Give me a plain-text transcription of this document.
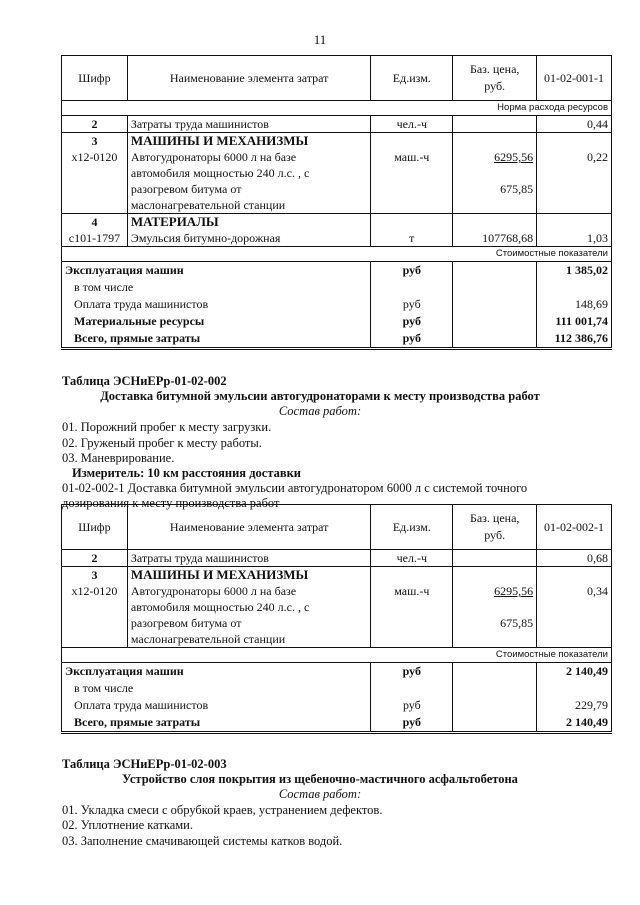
11
Шифр	Наименование элемента затрат	Ед.изм.	Баз. цена,
руб.	01-02-001-1
Норма расхода ресурсов				
2	Затраты труда машинистов	чел.-ч		0,44
3	МАШИНЫ И МЕХАНИЗМЫ			
x12-0120	Автогудронаторы 6000 л на базе	маш.-ч	6295,56	0,22
	автомобиля мощностью 240 л.с. , с			
	разогревом битума от		675,85	
	маслонагревательной станции			
4	МАТЕРИАЛЫ			
c101-1797	Эмульсия битумно-дорожная	т	107768,68	1,03
Стоимостные показатели				
Эксплуатация машин		руб		1 385,02
в том числе				
Оплата труда машинистов		руб		148,69
Материальные ресурсы		руб		111 001,74
Всего, прямые затраты		руб		112 386,76
Таблица ЭСНиЕРр-01-02-002
Доставка битумной эмульсии автогудронаторами к месту производства работ
Состав работ:
01. Порожний пробег к месту загрузки.
02. Груженый пробег к месту работы.
03. Маневрирование.
Измеритель: 10 км расстояния доставки
01-02-002-1 Доставка битумной эмульсии автогудронатором 6000 л с системой точного
дозирования к месту производства работ
Шифр	Наименование элемента затрат	Ед.изм.	Баз. цена,
руб.	01-02-002-1
2	Затраты труда машинистов	чел.-ч		0,68
3	МАШИНЫ И МЕХАНИЗМЫ			
x12-0120	Автогудронаторы 6000 л на базе	маш.-ч	6295,56	0,34
	автомобиля мощностью 240 л.с. , с			
	разогревом битума от		675,85	
	маслонагревательной станции			
Стоимостные показатели				
Эксплуатация машин		руб		2 140,49
в том числе				
Оплата труда машинистов		руб		229,79
Всего, прямые затраты		руб		2 140,49
Таблица ЭСНиЕРр-01-02-003
Устройство слоя покрытия из щебеночно-мастичного асфальтобетона
Состав работ:
01. Укладка смеси с обрубкой краев, устранением дефектов.
02. Уплотнение катками.
03. Заполнение смачивающей системы катков водой.
